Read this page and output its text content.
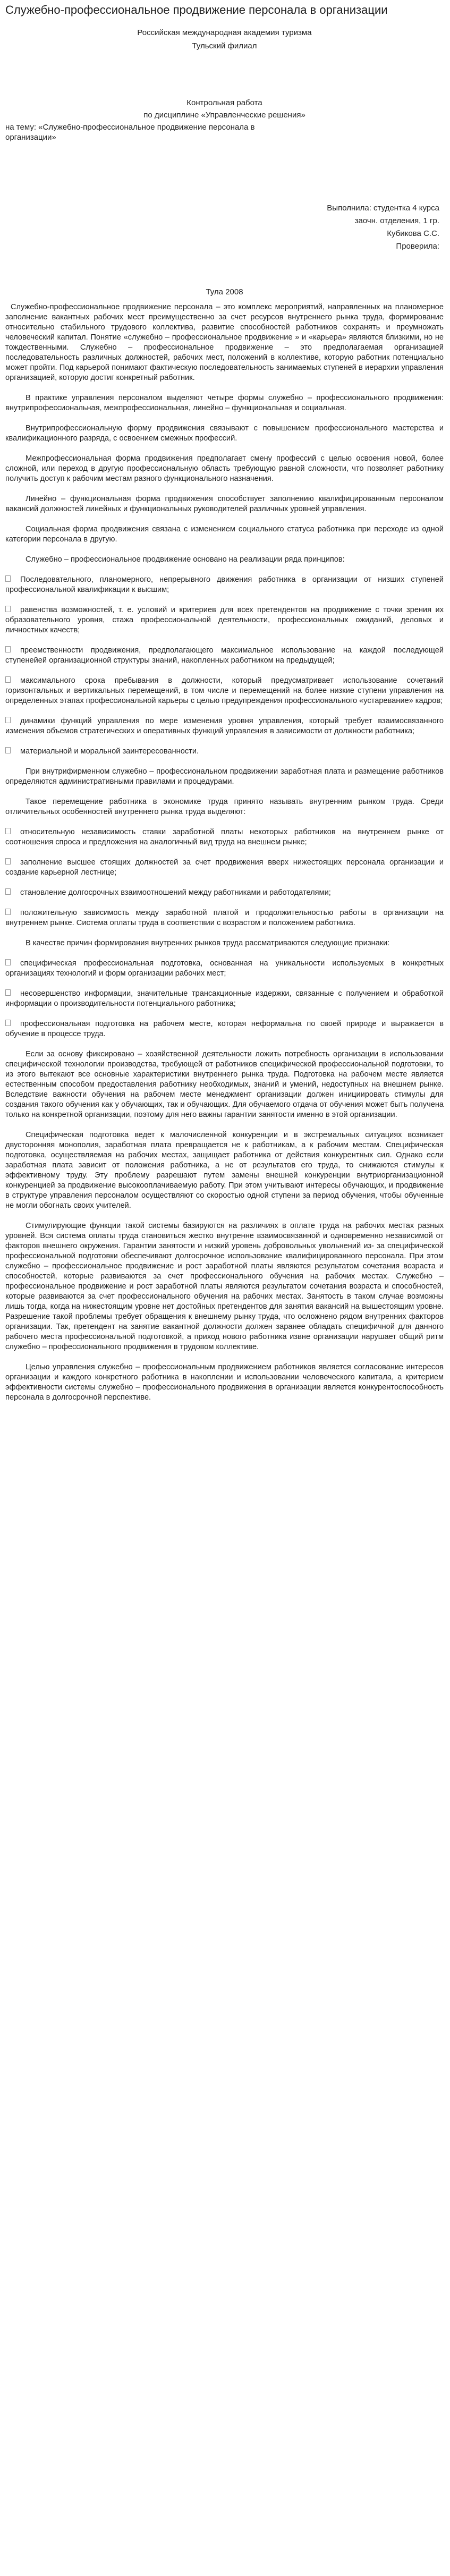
Служебно-профессиональное продвижение персонала в организации

Российская международная академия туризма

Тульский филиал

Контрольная работа

по дисциплине «Управленческие решения»

на тему: «Служебно-профессиональное продвижение персонала в

организации»

Выполнила: студентка 4 курса

заочн. отделения, 1 гр.

Кубикова С.С.

Проверила:

Тула 2008

Служебно-профессиональное продвижение персонала – это комплекс мероприятий, направленных на планомерное заполнение вакантных рабочих мест преимущественно за счет ресурсов внутреннего рынка труда, формирование относительно стабильного трудового коллектива, развитие способностей работников сохранять и преумножать человеческий капитал. Понятие «служебно – профессиональное продвижение » и «карьера» являются близкими, но не тождественными. Служебно – профессиональное продвижение – это предполагаемая организацией последовательность различных должностей, рабочих мест, положений в коллективе, которую работник потенциально может пройти. Под карьерой понимают фактическую последовательность занимаемых ступеней в иерархии управления организацией, которую достиг конкретный работник.

В практике управления персоналом выделяют четыре формы служебно – профессионального продвижения: внутрипрофессиональная, межпрофессиональная, линейно – функциональная и социальная.

Внутрипрофессиональную форму продвижения связывают с повышением профессионального мастерства и квалификационного разряда, с освоением смежных профессий.

Межпрофессиональная форма продвижения предполагает смену профессий с целью освоения новой, более сложной, или переход в другую профессиональную область требующую равной сложности, что позволяет работнику получить доступ к рабочим местам разного функционального назначения.

Линейно – функциональная форма продвижения способствует заполнению квалифицированным персоналом вакансий должностей линейных и функциональных руководителей различных уровней управления.

Социальная форма продвижения связана с изменением социального статуса работника при переходе из одной категории персонала в другую.

Служебно – профессиональное продвижение основано на реализации ряда принципов:

Последовательного, планомерного, непрерывного движения работника в организации от низших ступеней профессиональной квалификации к высшим;

равенства возможностей, т. е. условий и критериев для всех претендентов на продвижение с точки зрения их образовательного уровня, стажа профессиональной деятельности, профессиональных ожиданий, деловых и личностных качеств;

преемственности продвижения, предполагающего максимальное использование на каждой последующей ступенейей организационной структуры знаний, накопленных работником на предыдущей;

максимального срока пребывания в должности, который предусматривает использование сочетаний горизонтальных и вертикальных перемещений, в том числе и перемещений на более низкие ступени управления на определенных этапах профессиональной карьеры с целью предупреждения профессионального «устаревание» кадров;

динамики функций управления по мере изменения уровня управления, который требует взаимосвязанного изменения объемов стратегических и оперативных функций управления в зависимости от должности работника;

материальной и моральной заинтересованности.

При внутрифирменном служебно – профессиональном продвижении заработная плата и размещение работников определяются административными правилами и процедурами.

Такое перемещение работника в экономике труда принято называть внутренним рынком труда. Среди отличительных особенностей внутреннего рынка труда выделяют:

относительную независимость ставки заработной платы некоторых работников на внутреннем рынке от соотношения спроса и предложения на аналогичный вид труда на внешнем рынке;

заполнение высшее стоящих должностей за счет продвижения вверх нижестоящих персонала организации и создание карьерной лестнице;

становление долгосрочных взаимоотношений между работниками и работодателями;

положительную зависимость между заработной платой и продолжительностью работы в организации на внутреннем рынке. Система оплаты труда в соответствии с возрастом и положением работника.

В качестве причин формирования внутренних рынков труда рассматриваются следующие признаки:

специфическая профессиональная подготовка, основанная на уникальности используемых в конкретных организациях технологий и форм организации рабочих мест;

несовершенство информации, значительные трансакционные издержки, связанные с получением и обработкой информации о производительности потенциального работника;

профессиональная подготовка на рабочем месте, которая неформальна по своей природе и выражается в обучение в процессе труда.

Если за основу фиксировано – хозяйственной деятельности ложить потребность организации в использовании специфической технологии производства, требующей от работников специфической профессиональной подготовки, то из этого вытекают все основные характеристики внутреннего рынка труда. Подготовка на рабочем месте является естественным способом предоставления работнику необходимых, знаний и умений, недоступных на внешнем рынке. Вследствие важности обучения на рабочем месте менеджмент организации должен инициировать стимулы для создания такого обучения как у обучающих, так и обучающих. Для обучаемого отдача от обучения может быть получена только на конкретной организации, поэтому для него важны гарантии занятости именно в этой организации.

Специфическая подготовка ведет к малочисленной конкуренции и в экстремальных ситуациях возникает двусторонняя монополия, заработная плата превращается не к работникам, а к рабочим местам. Специфическая подготовка, осуществляемая на рабочих местах, защищает работника от действия конкурентных сил. Однако если заработная плата зависит от положения работника, а не от результатов его труда, то снижаются стимулы к эффективному труду. Эту проблему разрешают путем замены внешней конкуренции внутриорганизационной конкуренцией за продвижение высокооплачиваемую работу. При этом учитывают интересы обучающих, и продвижение в структуре управления персоналом осуществляют со скоростью одной ступени за период обучения, чтобы обученные не могли обогнать своих учителей.

Стимулирующие функции такой системы базируются на различиях в оплате труда на рабочих местах разных уровней. Вся система оплаты труда становиться жестко внутренне взаимосвязанной и одновременно независимой от факторов внешнего окружения. Гарантии занятости и низкий уровень добровольных увольнений из- за специфической профессиональной подготовки обеспечивают долгосрочное использование квалифицированного персонала. При этом служебно – профессиональное продвижение и рост заработной платы являются результатом сочетания возраста и способностей, которые развиваются за счет профессионального обучения на рабочих местах. Служебно – профессиональное продвижение и рост заработной платы являются результатом сочетания возраста и способностей, которые развиваются за счет профессионального обучения на рабочих местах. Занятость в таком случае возможны лишь тогда, когда на нижестоящим уровне нет достойных претендентов для занятия вакансий на вышестоящим уровне. Разрешение такой проблемы требует обращения к внешнему рынку труда, что осложнено рядом внутренних факторов организации. Так, претендент на занятие вакантной должности должен заранее обладать специфичной для данного рабочего места профессиональной подготовкой, а приход нового работника извне организации нарушает общий ритм служебно – профессионального продвижения в трудовом коллективе.

Целью управления служебно – профессиональным продвижением работников является согласование интересов организации и каждого конкретного работника в накоплении и использовании человеческого капитала, а критерием эффективности системы служебно – профессионального продвижения в организации является конкурентоспособность персонала в долгосрочной перспективе.
